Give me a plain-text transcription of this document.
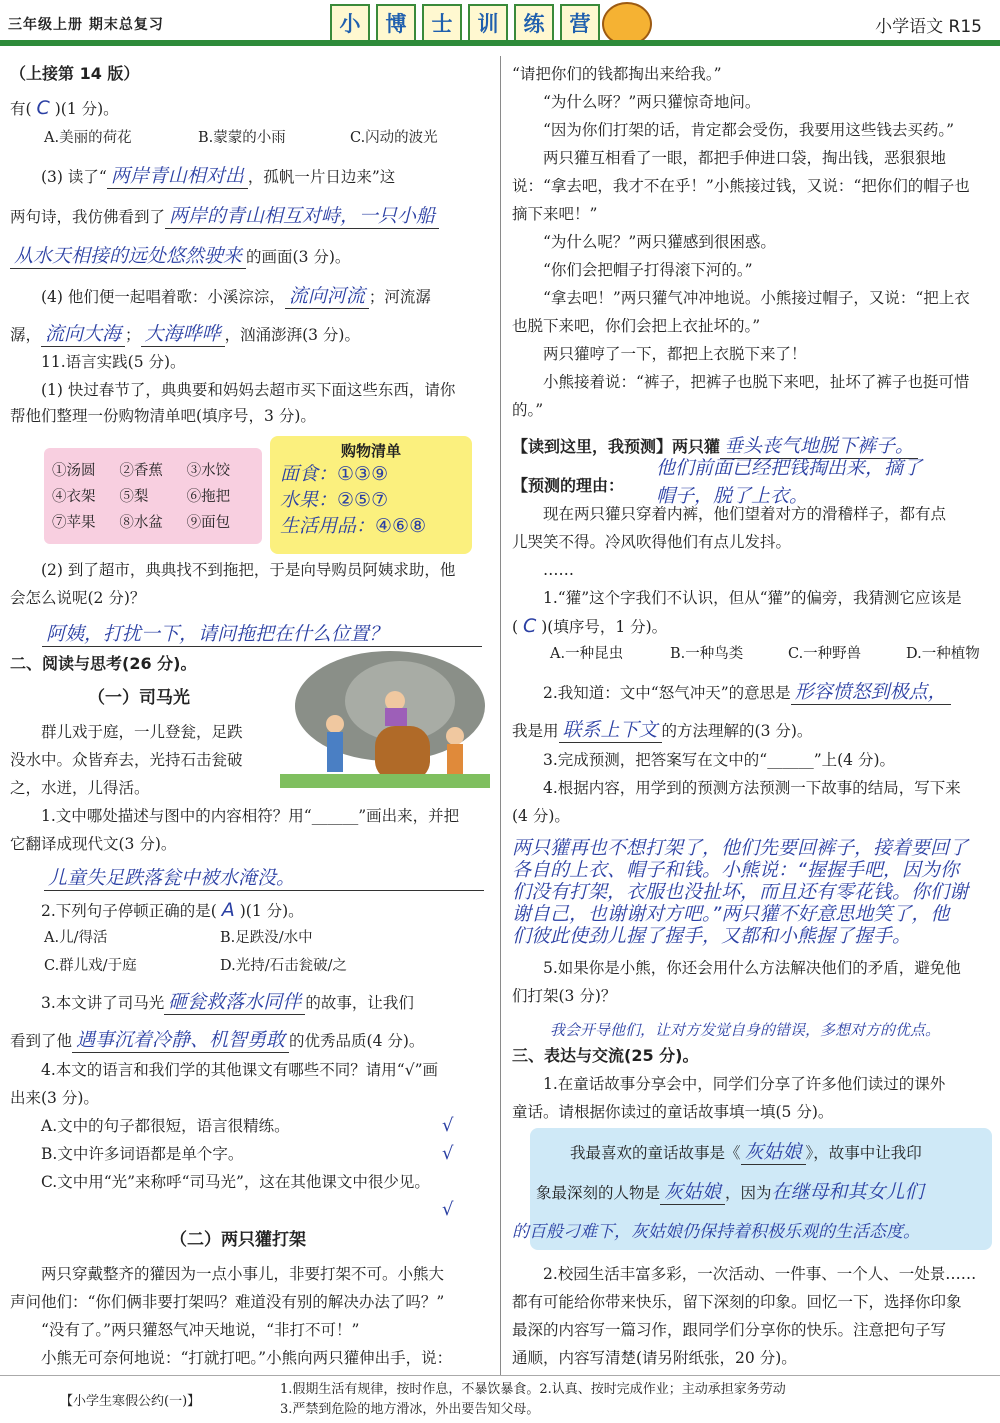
三年级上册 期末总复习	小	博	士	训	练	营	小学语文 R15
（上接第 14 版）
有( C )(1 分)。
A.美丽的荷花	B.蒙蒙的小雨	C.闪动的波光
(3) 读了“ 两岸青山相对出 ，孤帆一片日边来”这
两句诗，我仿佛看到了 两岸的青山相互对峙，一只小船
从水天相接的远处悠然驶来 的画面(3 分)。
(4) 他们便一起唱着歌：小溪淙淙， 流向河流 ；河流潺
潺， 流向大海 ； 大海哗哗 ，汹涌澎湃(3 分)。
11.语言实践(5 分)。
(1) 快过春节了，典典要和妈妈去超市买下面这些东西，请你
帮他们整理一份购物清单吧(填序号，3 分)。
①汤圆	②香蕉	③水饺
④衣架	⑤梨	⑥拖把
⑦苹果	⑧水盆	⑨面包
购物清单
面食：①③⑨
水果：②⑤⑦
生活用品：④⑥⑧
(2) 到了超市，典典找不到拖把，于是向导购员阿姨求助，他
会怎么说呢(2 分)？
阿姨，打扰一下，请问拖把在什么位置？
二、阅读与思考(26 分)。
（一）司马光
群儿戏于庭，一儿登瓮，足跌
没水中。众皆弃去，光持石击瓮破
之，水迸，儿得活。
1.文中哪处描述与图中的内容相符？用“______”画出来，并把
它翻译成现代文(3 分)。
儿童失足跌落瓮中被水淹没。
2.下列句子停顿正确的是( A )(1 分)。
A.儿/得活	B.足跌没/水中
C.群儿戏/于庭	D.光持/石击瓮破/之
3.本文讲了司马光 砸瓮救落水同伴 的故事，让我们
看到了他 遇事沉着冷静、机智勇敢 的优秀品质(4 分)。
4.本文的语言和我们学的其他课文有哪些不同？请用“√”画
出来(3 分)。
A.文中的句子都很短，语言很精练。	√
B.文中许多词语都是单个字。	√
C.文中用“光”来称呼“司马光”，这在其他课文中很少见。
√
（二）两只獾打架
两只穿戴整齐的獾因为一点小事儿，非要打架不可。小熊大
声问他们：“你们俩非要打架吗？难道没有别的解决办法了吗？”
“没有了。”两只獾怒气冲天地说，“非打不可！”
小熊无可奈何地说：“打就打吧。”小熊向两只獾伸出手，说：
“请把你们的钱都掏出来给我。”
“为什么呀？”两只獾惊奇地问。
“因为你们打架的话，肯定都会受伤，我要用这些钱去买药。”
两只獾互相看了一眼，都把手伸进口袋，掏出钱，恶狠狠地
说：“拿去吧，我才不在乎！”小熊接过钱，又说：“把你们的帽子也
摘下来吧！”
“为什么呢？”两只獾感到很困惑。
“你们会把帽子打得滚下河的。”
“拿去吧！”两只獾气冲冲地说。小熊接过帽子，又说：“把上衣
也脱下来吧，你们会把上衣扯坏的。”
两只獾哼了一下，都把上衣脱下来了！
小熊接着说：“裤子，把裤子也脱下来吧，扯坏了裤子也挺可惜
的。”
【读到这里，我预测】两只獾 垂头丧气地脱下裤子。
他们前面已经把钱掏出来，摘了
【预测的理由： 帽子，脱了上衣。
现在两只獾只穿着内裤，他们望着对方的滑稽样子，都有点
儿哭笑不得。冷风吹得他们有点儿发抖。
……
1.“獾”这个字我们不认识，但从“獾”的偏旁，我猜测它应该是
( C )(填序号，1 分)。
A.一种昆虫	B.一种鸟类	C.一种野兽	D.一种植物
2.我知道：文中“怒气冲天”的意思是 形容愤怒到极点，
我是用 联系上下文 的方法理解的(3 分)。
3.完成预测，把答案写在文中的“______”上(4 分)。
4.根据内容，用学到的预测方法预测一下故事的结局，写下来
(4 分)。
两只獾再也不想打架了，他们先要回裤子，接着要回了
各自的上衣、帽子和钱。小熊说：“握握手吧，因为你
们没有打架，衣服也没扯坏，而且还有零花钱。你们谢
谢自己，也谢谢对方吧。”两只獾不好意思地笑了，他
们彼此使劲儿握了握手，又都和小熊握了握手。
5.如果你是小熊，你还会用什么方法解决他们的矛盾，避免他
们打架(3 分)？
我会开导他们，让对方发觉自身的错误，多想对方的优点。
三、表达与交流(25 分)。
1.在童话故事分享会中，同学们分享了许多他们读过的课外
童话。请根据你读过的童话故事填一填(5 分)。
我最喜欢的童话故事是《 灰姑娘 》，故事中让我印
象最深刻的人物是 灰姑娘 ，因为在继母和其女儿们
的百般刁难下，灰姑娘仍保持着积极乐观的生活态度。
2.校园生活丰富多彩，一次活动、一件事、一个人、一处景……
都有可能给你带来快乐，留下深刻的印象。回忆一下，选择你印象
最深的内容写一篇习作，跟同学们分享你的快乐。注意把句子写
通顺，内容写清楚(请另附纸张，20 分)。
【小学生寒假公约(一)】
1.假期生活有规律，按时作息，不暴饮暴食。2.认真、按时完成作业；主动承担家务劳动
3.严禁到危险的地方滑冰，外出要告知父母。
